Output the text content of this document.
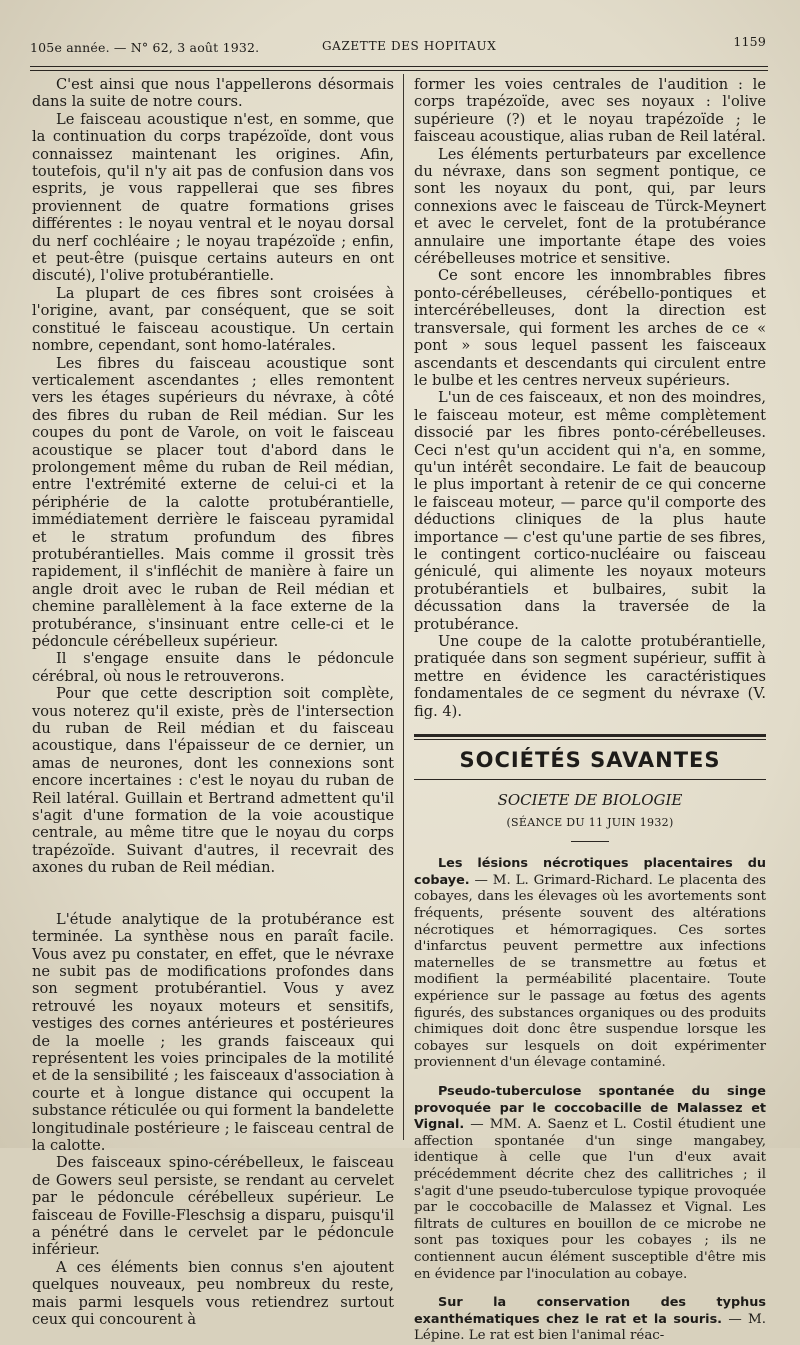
105e année. — N° 62, 3 août 1932.	GAZETTE DES HOPITAUX	1159

C'est ainsi que nous l'appellerons désormais dans la suite de notre cours.

Le faisceau acoustique n'est, en somme, que la continuation du corps trapézoïde, dont vous connaissez maintenant les origines. Afin, toutefois, qu'il n'y ait pas de confusion dans vos esprits, je vous rappellerai que ses fibres proviennent de quatre formations grises différentes : le noyau ventral et le noyau dorsal du nerf cochléaire ; le noyau trapézoïde ; enfin, et peut-être (puisque certains auteurs en ont discuté), l'olive protubérantielle.

La plupart de ces fibres sont croisées à l'origine, avant, par conséquent, que se soit constitué le faisceau acoustique. Un certain nombre, cependant, sont homo-latérales.

Les fibres du faisceau acoustique sont verticalement ascendantes ; elles remontent vers les étages supérieurs du névraxe, à côté des fibres du ruban de Reil médian. Sur les coupes du pont de Varole, on voit le faisceau acoustique se placer tout d'abord dans le prolongement même du ruban de Reil médian, entre l'extrémité externe de celui-ci et la périphérie de la calotte protubérantielle, immédiatement derrière le faisceau pyramidal et le stratum profundum des fibres protubérantielles. Mais comme il grossit très rapidement, il s'infléchit de manière à faire un angle droit avec le ruban de Reil médian et chemine parallèlement à la face externe de la protubérance, s'insinuant entre celle-ci et le pédoncule cérébelleux supérieur.

Il s'engage ensuite dans le pédoncule cérébral, où nous le retrouverons.

Pour que cette description soit complète, vous noterez qu'il existe, près de l'intersection du ruban de Reil médian et du faisceau acoustique, dans l'épaisseur de ce dernier, un amas de neurones, dont les connexions sont encore incertaines : c'est le noyau du ruban de Reil latéral. Guillain et Bertrand admettent qu'il s'agit d'une formation de la voie acoustique centrale, au même titre que le noyau du corps trapézoïde. Suivant d'autres, il recevrait des axones du ruban de Reil médian.

L'étude analytique de la protubérance est terminée. La synthèse nous en paraît facile. Vous avez pu constater, en effet, que le névraxe ne subit pas de modifications profondes dans son segment protubérantiel. Vous y avez retrouvé les noyaux moteurs et sensitifs, vestiges des cornes antérieures et postérieures de la moelle ; les grands faisceaux qui représentent les voies principales de la motilité et de la sensibilité ; les faisceaux d'association à courte et à longue distance qui occupent la substance réticulée ou qui forment la bandelette longitudinale postérieure ; le faisceau central de la calotte.

Des faisceaux spino-cérébelleux, le faisceau de Gowers seul persiste, se rendant au cervelet par le pédoncule cérébelleux supérieur. Le faisceau de Foville-Fleschsig a disparu, puisqu'il a pénétré dans le cervelet par le pédoncule inférieur.

A ces éléments bien connus s'en ajoutent quelques nouveaux, peu nombreux du reste, mais parmi lesquels vous retiendrez surtout ceux qui concourent à

former les voies centrales de l'audition : le corps trapézoïde, avec ses noyaux : l'olive supérieure (?) et le noyau trapézoïde ; le faisceau acoustique, alias ruban de Reil latéral.

Les éléments perturbateurs par excellence du névraxe, dans son segment pontique, ce sont les noyaux du pont, qui, par leurs connexions avec le faisceau de Türck-Meynert et avec le cervelet, font de la protubérance annulaire une importante étape des voies cérébelleuses motrice et sensitive.

Ce sont encore les innombrables fibres ponto-cérébelleuses, cérébello-pontiques et intercérébelleuses, dont la direction est transversale, qui forment les arches de ce « pont » sous lequel passent les faisceaux ascendants et descendants qui circulent entre le bulbe et les centres nerveux supérieurs.

L'un de ces faisceaux, et non des moindres, le faisceau moteur, est même complètement dissocié par les fibres ponto-cérébelleuses. Ceci n'est qu'un accident qui n'a, en somme, qu'un intérêt secondaire. Le fait de beaucoup le plus important à retenir de ce qui concerne le faisceau moteur, — parce qu'il comporte des déductions cliniques de la plus haute importance — c'est qu'une partie de ses fibres, le contingent cortico-nucléaire ou faisceau géniculé, qui alimente les noyaux moteurs protubérantiels et bulbaires, subit la décussation dans la traversée de la protubérance.

Une coupe de la calotte protubérantielle, pratiquée dans son segment supérieur, suffit à mettre en évidence les caractéristiques fondamentales de ce segment du névraxe (V. fig. 4).

SOCIÉTÉS SAVANTES
SOCIETE DE BIOLOGIE
(SÉANCE DU 11 JUIN 1932)

Les lésions nécrotiques placentaires du cobaye. — M. L. Grimard-Richard. Le placenta des cobayes, dans les élevages où les avortements sont fréquents, présente souvent des altérations nécrotiques et hémorragiques. Ces sortes d'infarctus peuvent permettre aux infections maternelles de se transmettre au fœtus et modifient la perméabilité placentaire. Toute expérience sur le passage au fœtus des agents figurés, des substances organiques ou des produits chimiques doit donc être suspendue lorsque les cobayes sur lesquels on doit expérimenter proviennent d'un élevage contaminé.

Pseudo-tuberculose spontanée du singe provoquée par le coccobacille de Malassez et Vignal. — MM. A. Saenz et L. Costil étudient une affection spontanée d'un singe mangabey, identique à celle que l'un d'eux avait précédemment décrite chez des callitriches ; il s'agit d'une pseudo-tuberculose typique provoquée par le coccobacille de Malassez et Vignal. Les filtrats de cultures en bouillon de ce microbe ne sont pas toxiques pour les cobayes ; ils ne contiennent aucun élément susceptible d'être mis en évidence par l'inoculation au cobaye.

Sur la conservation des typhus exanthématiques chez le rat et la souris. — M. Lépine. Le rat est bien l'animal réac-
